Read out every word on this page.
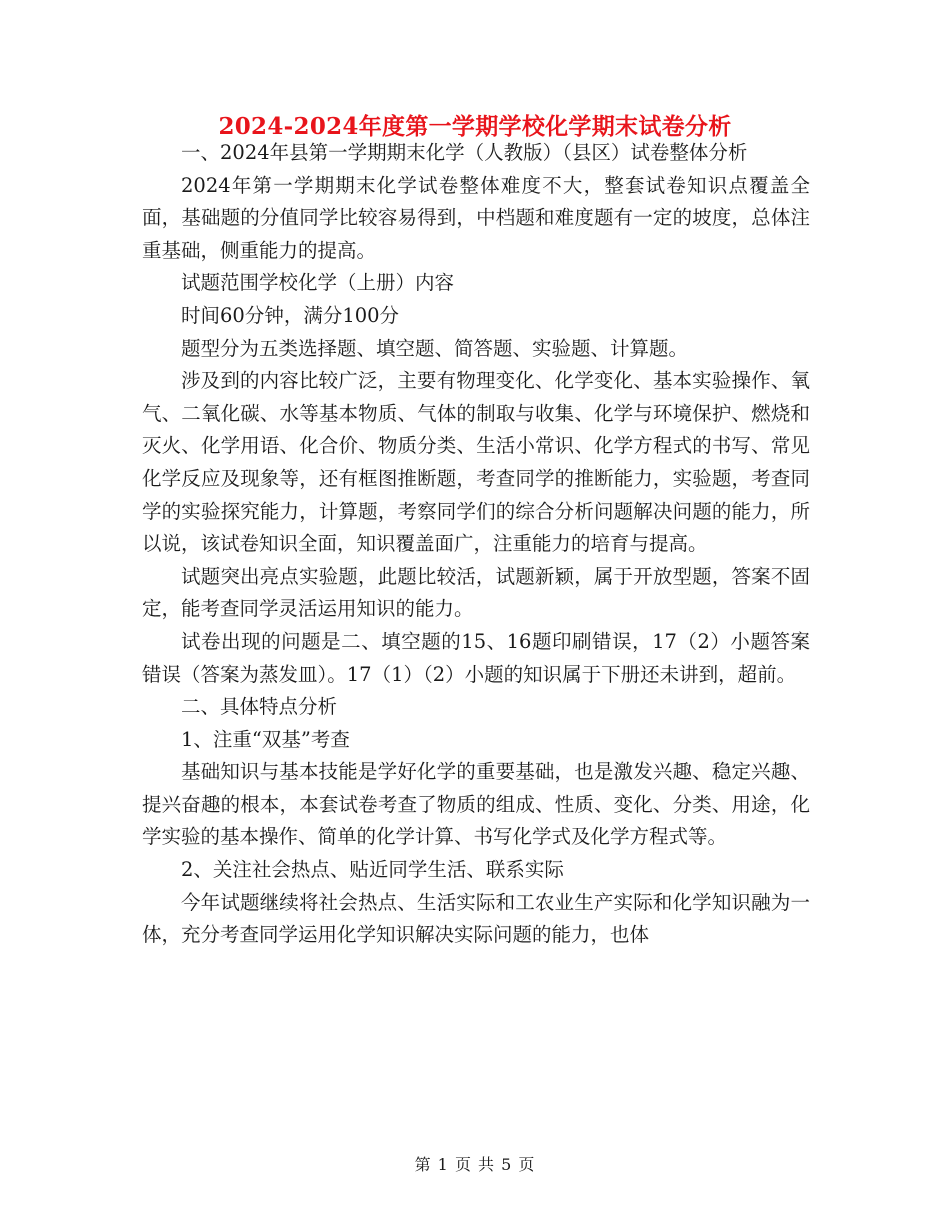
2024-2024年度第一学期学校化学期末试卷分析

一、2024年县第一学期期末化学（人教版）（县区）试卷整体分析

2024年第一学期期末化学试卷整体难度不大，整套试卷知识点覆盖全面，基础题的分值同学比较容易得到，中档题和难度题有一定的坡度，总体注重基础，侧重能力的提高。

试题范围学校化学（上册）内容

时间60分钟，满分100分

题型分为五类选择题、填空题、简答题、实验题、计算题。

涉及到的内容比较广泛，主要有物理变化、化学变化、基本实验操作、氧气、二氧化碳、水等基本物质、气体的制取与收集、化学与环境保护、燃烧和灭火、化学用语、化合价、物质分类、生活小常识、化学方程式的书写、常见化学反应及现象等，还有框图推断题，考查同学的推断能力，实验题，考查同学的实验探究能力，计算题，考察同学们的综合分析问题解决问题的能力，所以说，该试卷知识全面，知识覆盖面广，注重能力的培育与提高。

试题突出亮点实验题，此题比较活，试题新颖，属于开放型题，答案不固定，能考查同学灵活运用知识的能力。

试卷出现的问题是二、填空题的15、16题印刷错误，17（2）小题答案错误（答案为蒸发皿）。17（1）（2）小题的知识属于下册还未讲到，超前。

二、具体特点分析

1、注重“双基”考查

基础知识与基本技能是学好化学的重要基础，也是激发兴趣、稳定兴趣、提兴奋趣的根本，本套试卷考查了物质的组成、性质、变化、分类、用途，化学实验的基本操作、简单的化学计算、书写化学式及化学方程式等。

2、关注社会热点、贴近同学生活、联系实际

今年试题继续将社会热点、生活实际和工农业生产实际和化学知识融为一体，充分考查同学运用化学知识解决实际问题的能力，也体

第 1 页 共 5 页
